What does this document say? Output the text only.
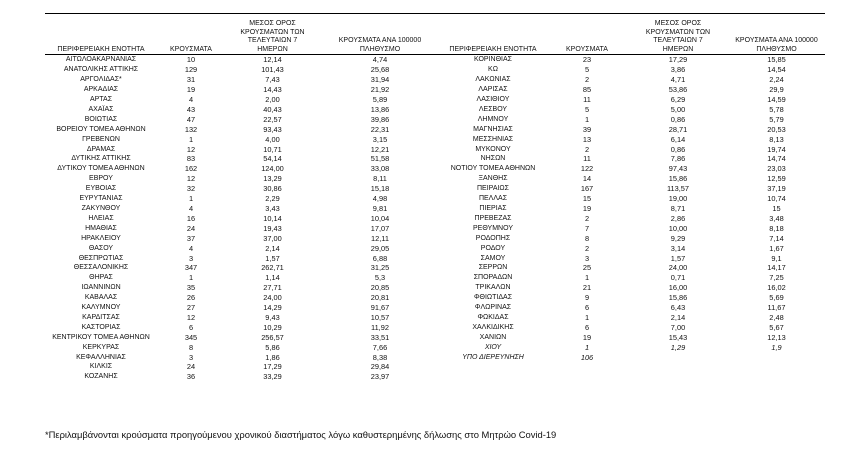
ΠΕΡΙΦΕΡΕΙΑΚΗ ΕΝΟΤΗΤΑ	ΚΡΟΥΣΜΑΤΑ	ΜΕΣΟΣ ΟΡΟΣ ΚΡΟΥΣΜΑΤΩΝ ΤΩΝ ΤΕΛΕΥΤΑΙΩΝ 7 ΗΜΕΡΩΝ	ΚΡΟΥΣΜΑΤΑ ΑΝΑ 100000 ΠΛΗΘΥΣΜΟ

ΑΙΤΩΛΟΑΚΑΡΝΑΝΙΑΣ	10	12,14	4,74
ΑΝΑΤΟΛΙΚΗΣ ΑΤΤΙΚΗΣ	129	101,43	25,68
ΑΡΓΟΛΙΔΑΣ*	31	7,43	31,94
ΑΡΚΑΔΙΑΣ	19	14,43	21,92
ΑΡΤΑΣ	4	2,00	5,89
ΑΧΑΪΑΣ	43	40,43	13,86
ΒΟΙΩΤΙΑΣ	47	22,57	39,86
ΒΟΡΕΙΟΥ ΤΟΜΕΑ ΑΘΗΝΩΝ	132	93,43	22,31
ΓΡΕΒΕΝΩΝ	1	4,00	3,15
ΔΡΑΜΑΣ	12	10,71	12,21
ΔΥΤΙΚΗΣ ΑΤΤΙΚΗΣ	83	54,14	51,58
ΔΥΤΙΚΟΥ ΤΟΜΕΑ ΑΘΗΝΩΝ	162	124,00	33,08
ΕΒΡΟΥ	12	13,29	8,11
ΕΥΒΟΙΑΣ	32	30,86	15,18
ΕΥΡΥΤΑΝΙΑΣ	1	2,29	4,98
ΖΑΚΥΝΘΟΥ	4	3,43	9,81
ΗΛΕΙΑΣ	16	10,14	10,04
ΗΜΑΘΙΑΣ	24	19,43	17,07
ΗΡΑΚΛΕΙΟΥ	37	37,00	12,11
ΘΑΣΟΥ	4	2,14	29,05
ΘΕΣΠΡΩΤΙΑΣ	3	1,57	6,88
ΘΕΣΣΑΛΟΝΙΚΗΣ	347	262,71	31,25
ΘΗΡΑΣ	1	1,14	5,3
ΙΩΑΝΝΙΝΩΝ	35	27,71	20,85
ΚΑΒΑΛΑΣ	26	24,00	20,81
ΚΑΛΥΜΝΟΥ	27	14,29	91,67
ΚΑΡΔΙΤΣΑΣ	12	9,43	10,57
ΚΑΣΤΟΡΙΑΣ	6	10,29	11,92
ΚΕΝΤΡΙΚΟΥ ΤΟΜΕΑ ΑΘΗΝΩΝ	345	256,57	33,51
ΚΕΡΚΥΡΑΣ	8	5,86	7,66
ΚΕΦΑΛΛΗΝΙΑΣ	3	1,86	8,38
ΚΙΛΚΙΣ	24	17,29	29,84
ΚΟΖΑΝΗΣ	36	33,29	23,97
ΠΕΡΙΦΕΡΕΙΑΚΗ ΕΝΟΤΗΤΑ	ΚΡΟΥΣΜΑΤΑ	ΜΕΣΟΣ ΟΡΟΣ ΚΡΟΥΣΜΑΤΩΝ ΤΩΝ ΤΕΛΕΥΤΑΙΩΝ 7 ΗΜΕΡΩΝ	ΚΡΟΥΣΜΑΤΑ ΑΝΑ 100000 ΠΛΗΘΥΣΜΟ

ΚΟΡΙΝΘΙΑΣ	23	17,29	15,85
ΚΩ	5	3,86	14,54
ΛΑΚΩΝΙΑΣ	2	4,71	2,24
ΛΑΡΙΣΑΣ	85	53,86	29,9
ΛΑΣΙΘΙΟΥ	11	6,29	14,59
ΛΕΣΒΟΥ	5	5,00	5,78
ΛΗΜΝΟΥ	1	0,86	5,79
ΜΑΓΝΗΣΙΑΣ	39	28,71	20,53
ΜΕΣΣΗΝΙΑΣ	13	6,14	8,13
ΜΥΚΟΝΟΥ	2	0,86	19,74
ΝΗΣΩΝ	11	7,86	14,74
ΝΟΤΙΟΥ ΤΟΜΕΑ ΑΘΗΝΩΝ	122	97,43	23,03
ΞΑΝΘΗΣ	14	15,86	12,59
ΠΕΙΡΑΙΩΣ	167	113,57	37,19
ΠΕΛΛΑΣ	15	19,00	10,74
ΠΙΕΡΙΑΣ	19	8,71	15
ΠΡΕΒΕΖΑΣ	2	2,86	3,48
ΡΕΘΥΜΝΟΥ	7	10,00	8,18
ΡΟΔΟΠΗΣ	8	9,29	7,14
ΡΟΔΟΥ	2	3,14	1,67
ΣΑΜΟΥ	3	1,57	9,1
ΣΕΡΡΩΝ	25	24,00	14,17
ΣΠΟΡΑΔΩΝ	1	0,71	7,25
ΤΡΙΚΑΛΩΝ	21	16,00	16,02
ΦΘΙΩΤΙΔΑΣ	9	15,86	5,69
ΦΛΩΡΙΝΑΣ	6	6,43	11,67
ΦΩΚΙΔΑΣ	1	2,14	2,48
ΧΑΛΚΙΔΙΚΗΣ	6	7,00	5,67
ΧΑΝΙΩΝ	19	15,43	12,13
ΧΙΟΥ	1	1,29	1,9
ΥΠΟ ΔΙΕΡΕΥΝΗΣΗ	106		
*Περιλαμβάνονται κρούσματα προηγούμενου χρονικού διαστήματος λόγω καθυστερημένης δήλωσης στο Μητρώο Covid-19
